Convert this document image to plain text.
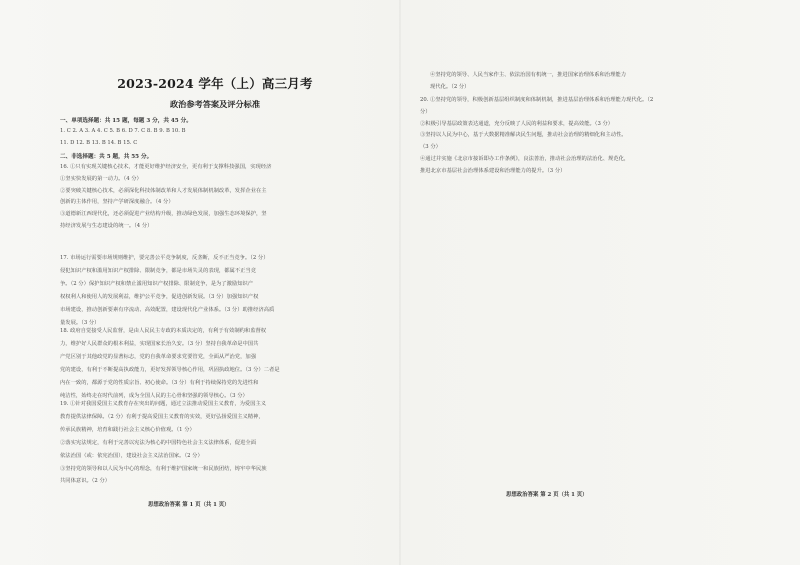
2023-2024 学年（上）高三月考
政治参考答案及评分标准
一、单项选择题：共 15 题，每题 3 分，共 45 分。
1. C 2. A 3. A 4. C 5. B 6. D 7. C 8. B 9. B 10. B
11. D 12. B 13. B 14. B 15. C
二、非选择题：共 5 题，共 55 分。
16. ①只有实现关键核心技术，才能更好维护经济安全，更有利于支撑科技强国，实现经济
①坚实快发展的第一动力。（4 分）
②要突破关键核心技术，必须深化科技体制改革和人才发展体制机制改革，发挥企业在主
创新的主体作用，坚持产学研深度融合。（4 分）
③道德新江西现代化，还必须促进产业结构升级，推动绿色发展，加强生态环境保护，坚
持经济发展与生态建设的统一。（4 分）
17. 市场运行需要市场规则维护，要完善公平竞争制度，反垄断，反不正当竞争。（2 分）
侵犯知识产权和滥用知识产权排除、限制竞争，都是市场失灵的表现，都属不正当竞
争。（2 分）保护知识产权和禁止滥用知识产权排除、限制竞争，是为了激励知识产
权权利人和使用人的发展利益，维护公平竞争，促进创新发展。（3 分）加强知识产权
市场建设，推动创新要素有序流动、高效配置，建设现代化产业体系。（3 分）助推经济高质
量发展。（3 分）
18. 政府自觉接受人民监督，是由人民民主专政的本质决定的，有利于有效制约和监督权
力，维护好人民群众的根本利益，实现国家长治久安。（3 分）坚持自我革命是中国共
产党区别于其他政党的显著标志，党的自我革命要求党要管党，全面从严治党，加强
党的建设，有利于不断提高执政能力，更好发挥领导核心作用，巩固执政地位。（3 分）二者是
内在一致的，都源于党的性质宗旨、初心使命。（3 分）有利于持续保持党的先进性和
纯洁性，始终走在时代前列，成为全国人民的主心骨和坚强的领导核心。（3 分）
19. ①针对我国爱国主义教育存在突出的问题，通过立法推动爱国主义教育，为爱国主义
教育提供法律保障。（2 分）有利于提高爱国主义教育的实效，更好弘扬爱国主义精神，
传承民族精神，培育和践行社会主义核心价值观。（1 分）
②落实宪法规定，有利于完善以宪法为核心的中国特色社会主义法律体系，促进全面
依法治国（或：依宪治国），建设社会主义法治国家。（2 分）
③坚持党的领导和以人民为中心的理念，有利于维护国家统一和民族团结，铸牢中华民族
共同体意识。（2 分）
思想政治答案 第 1 页（共 1 页）
④坚持党的领导、人民当家作主、依法治国有机统一，推进国家治理体系和治理能力
现代化。（2 分）
20. ①坚持党的领导，积极创新基层组织制度和体制机制，推进基层治理体系和治理能力现代化。（2
分）
②积极引导基层政策表达通道，充分反映了人民的利益和要求，提高效能。（3 分）
③坚持以人民为中心，基于大数据精准解决民生问题，推动社会治理的精细化和主动性。
（3 分）
④通过并实施《北京市接诉即办工作条例》，良法善治，推动社会治理的法治化、规范化，
推进北京市基层社会治理体系建设和治理能力的提升。（3 分）
思想政治答案 第 2 页（共 1 页）
